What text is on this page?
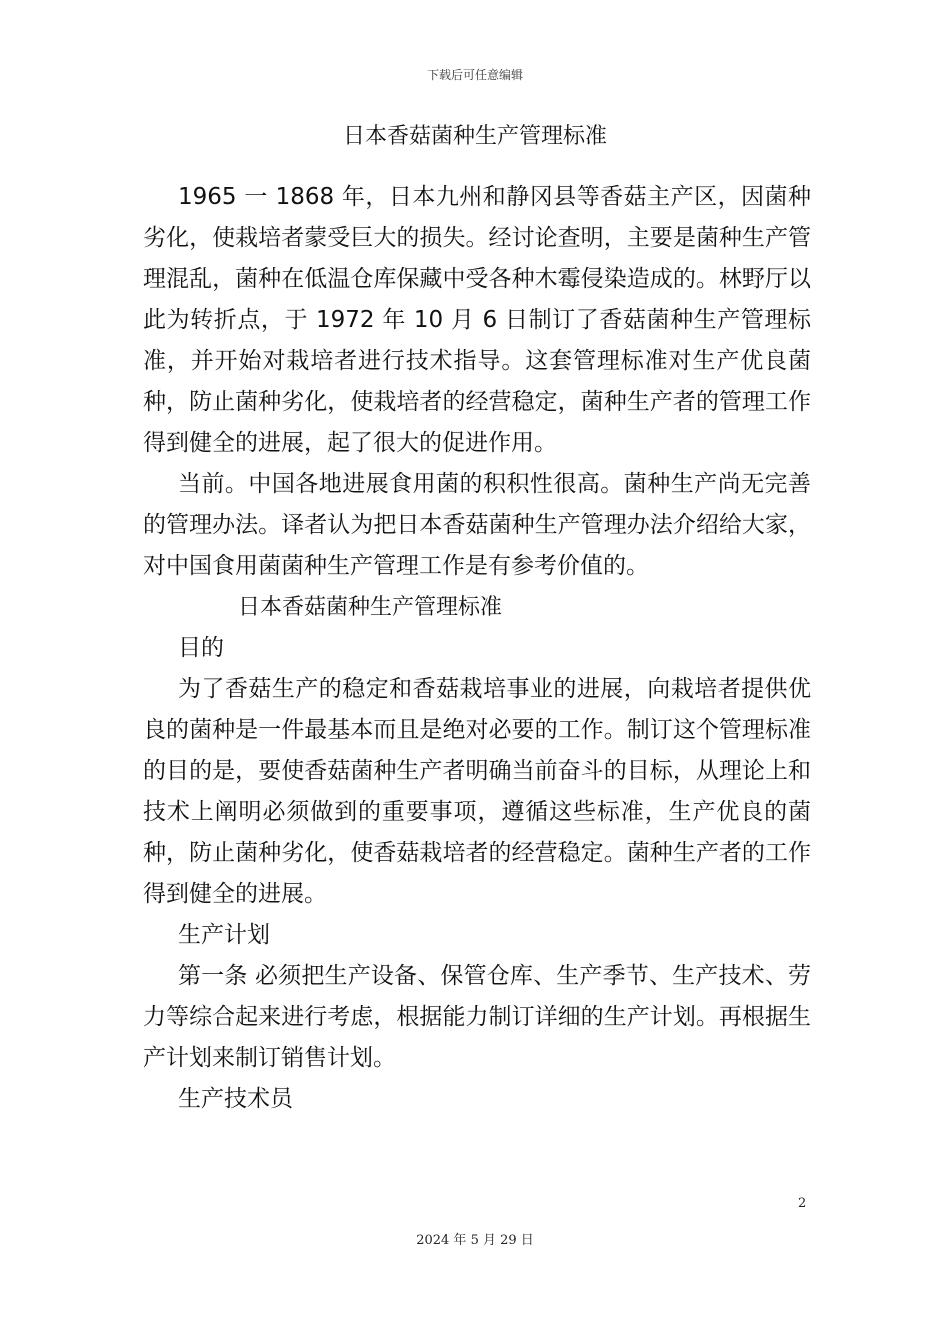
下载后可任意编辑
日本香菇菌种生产管理标准

1965 一 1868 年，日本九州和静冈县等香菇主产区，因菌种劣化，使栽培者蒙受巨大的损失。经讨论查明，主要是菌种生产管理混乱，菌种在低温仓库保藏中受各种木霉侵染造成的。林野厅以此为转折点，于 1972 年 10 月 6 日制订了香菇菌种生产管理标准，并开始对栽培者进行技术指导。这套管理标准对生产优良菌种，防止菌种劣化，使栽培者的经营稳定，菌种生产者的管理工作得到健全的进展，起了很大的促进作用。

当前。中国各地进展食用菌的积积性很高。菌种生产尚无完善的管理办法。译者认为把日本香菇菌种生产管理办法介绍给大家，对中国食用菌菌种生产管理工作是有参考价值的。

日本香菇菌种生产管理标准

目的

为了香菇生产的稳定和香菇栽培事业的进展，向栽培者提供优良的菌种是一件最基本而且是绝对必要的工作。制订这个管理标准的目的是，要使香菇菌种生产者明确当前奋斗的目标，从理论上和技术上阐明必须做到的重要事项，遵循这些标准，生产优良的菌种，防止菌种劣化，使香菇栽培者的经营稳定。菌种生产者的工作得到健全的进展。

生产计划

第一条 必须把生产设备、保管仓库、生产季节、生产技术、劳力等综合起来进行考虑，根据能力制订详细的生产计划。再根据生产计划来制订销售计划。

生产技术员

2
2024 年 5 月 29 日
